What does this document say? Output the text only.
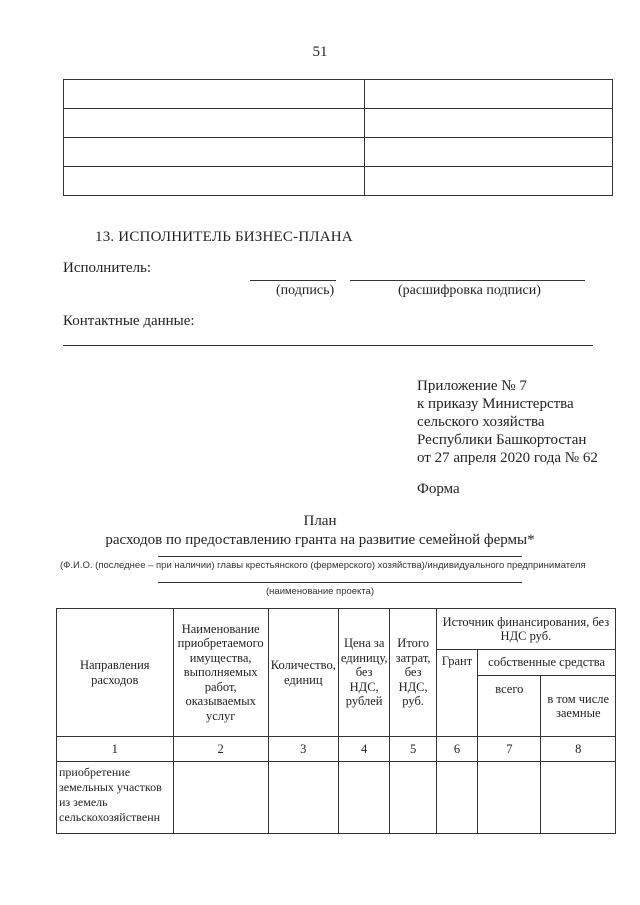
51

13. ИСПОЛНИТЕЛЬ БИЗНЕС-ПЛАНА
Исполнитель:
(подпись)	(расшифровка подписи)
Контактные данные:
Приложение № 7
к приказу Министерства
сельского хозяйства
Республики Башкортостан
от 27 апреля 2020 года № 62
Форма
План
расходов по предоставлению гранта на развитие семейной фермы*
(Ф.И.О. (последнее – при наличии) главы крестьянского (фермерского) хозяйства)/индивидуального предпринимателя
(наименование проекта)
Направления расходов	Наименование приобретаемого имущества, выполняемых работ, оказываемых услуг	Количество, единиц	Цена за единицу, без НДС, рублей	Итого затрат, без НДС, руб.	Источник финансирования, без НДС руб.		
					Грант	собственные средства	
						всего	в том числе заемные
1	2	3	4	5	6	7	8
приобретение земельных участков из земель сельскохозяйственн							
